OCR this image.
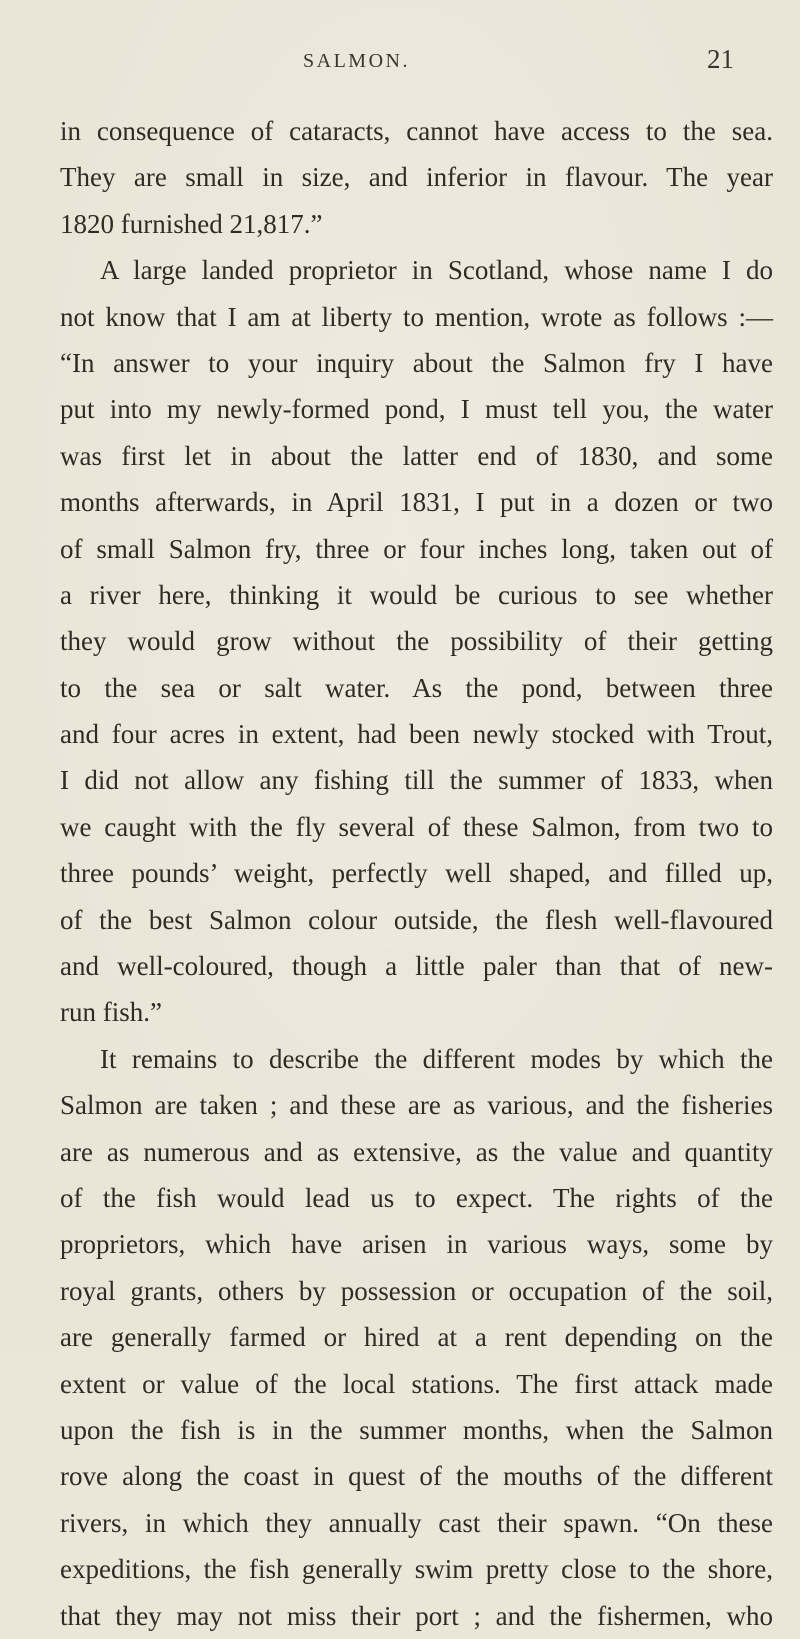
SALMON.	21
in consequence of cataracts, cannot have access to the sea.
They are small in size, and inferior in flavour. The year
1820 furnished 21,817.”
A large landed proprietor in Scotland, whose name I do
not know that I am at liberty to mention, wrote as follows :—
“In answer to your inquiry about the Salmon fry I have
put into my newly-formed pond, I must tell you, the water
was first let in about the latter end of 1830, and some
months afterwards, in April 1831, I put in a dozen or two
of small Salmon fry, three or four inches long, taken out of
a river here, thinking it would be curious to see whether
they would grow without the possibility of their getting
to the sea or salt water. As the pond, between three
and four acres in extent, had been newly stocked with Trout,
I did not allow any fishing till the summer of 1833, when
we caught with the fly several of these Salmon, from two to
three pounds’ weight, perfectly well shaped, and filled up,
of the best Salmon colour outside, the flesh well-flavoured
and well-coloured, though a little paler than that of new-
run fish.”
It remains to describe the different modes by which the
Salmon are taken ; and these are as various, and the fisheries
are as numerous and as extensive, as the value and quantity
of the fish would lead us to expect. The rights of the
proprietors, which have arisen in various ways, some by
royal grants, others by possession or occupation of the soil,
are generally farmed or hired at a rent depending on the
extent or value of the local stations. The first attack made
upon the fish is in the summer months, when the Salmon
rove along the coast in quest of the mouths of the different
rivers, in which they annually cast their spawn. “On these
expeditions, the fish generally swim pretty close to the shore,
that they may not miss their port ; and the fishermen, who
